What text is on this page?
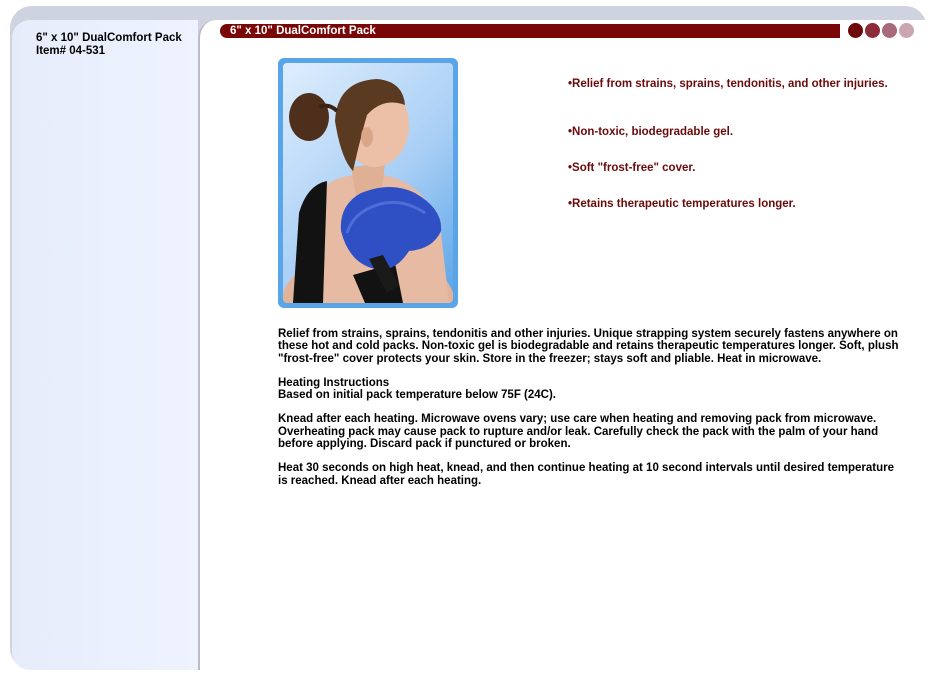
6" x 10" DualComfort Pack
Item# 04-531
6" x 10" DualComfort Pack
•Relief from strains, sprains, tendonitis, and other injuries.
•Non-toxic, biodegradable gel.
•Soft "frost-free" cover.
•Retains therapeutic temperatures longer.

Relief from strains, sprains, tendonitis and other injuries. Unique strapping system securely fastens anywhere on these hot and cold packs. Non-toxic gel is biodegradable and retains therapeutic temperatures longer. Soft, plush "frost-free" cover protects your skin. Store in the freezer; stays soft and pliable. Heat in microwave.

Heating Instructions
Based on initial pack temperature below 75F (24C).

Knead after each heating. Microwave ovens vary; use care when heating and removing pack from microwave. Overheating pack may cause pack to rupture and/or leak. Carefully check the pack with the palm of your hand before applying. Discard pack if punctured or broken.

Heat 30 seconds on high heat, knead, and then continue heating at 10 second intervals until desired temperature is reached. Knead after each heating.
